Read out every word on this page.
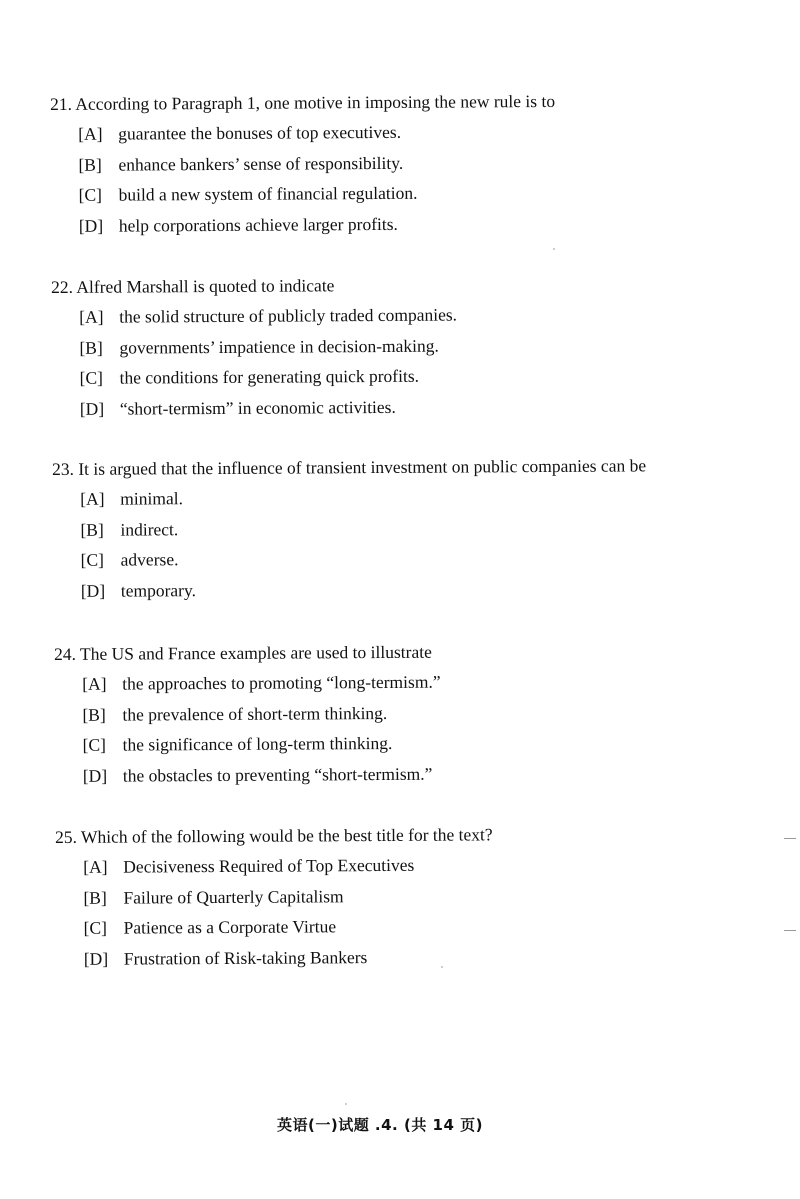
21. According to Paragraph 1, one motive in imposing the new rule is to
[A] guarantee the bonuses of top executives.
[B] enhance bankers’ sense of responsibility.
[C] build a new system of financial regulation.
[D] help corporations achieve larger profits.
22. Alfred Marshall is quoted to indicate
[A] the solid structure of publicly traded companies.
[B] governments’ impatience in decision-making.
[C] the conditions for generating quick profits.
[D] “short-termism” in economic activities.
23. It is argued that the influence of transient investment on public companies can be
[A] minimal.
[B] indirect.
[C] adverse.
[D] temporary.
24. The US and France examples are used to illustrate
[A] the approaches to promoting “long-termism.”
[B] the prevalence of short-term thinking.
[C] the significance of long-term thinking.
[D] the obstacles to preventing “short-termism.”
25. Which of the following would be the best title for the text?
[A] Decisiveness Required of Top Executives
[B] Failure of Quarterly Capitalism
[C] Patience as a Corporate Virtue
[D] Frustration of Risk-taking Bankers
英语(一)试题 .4. (共 14 页)
